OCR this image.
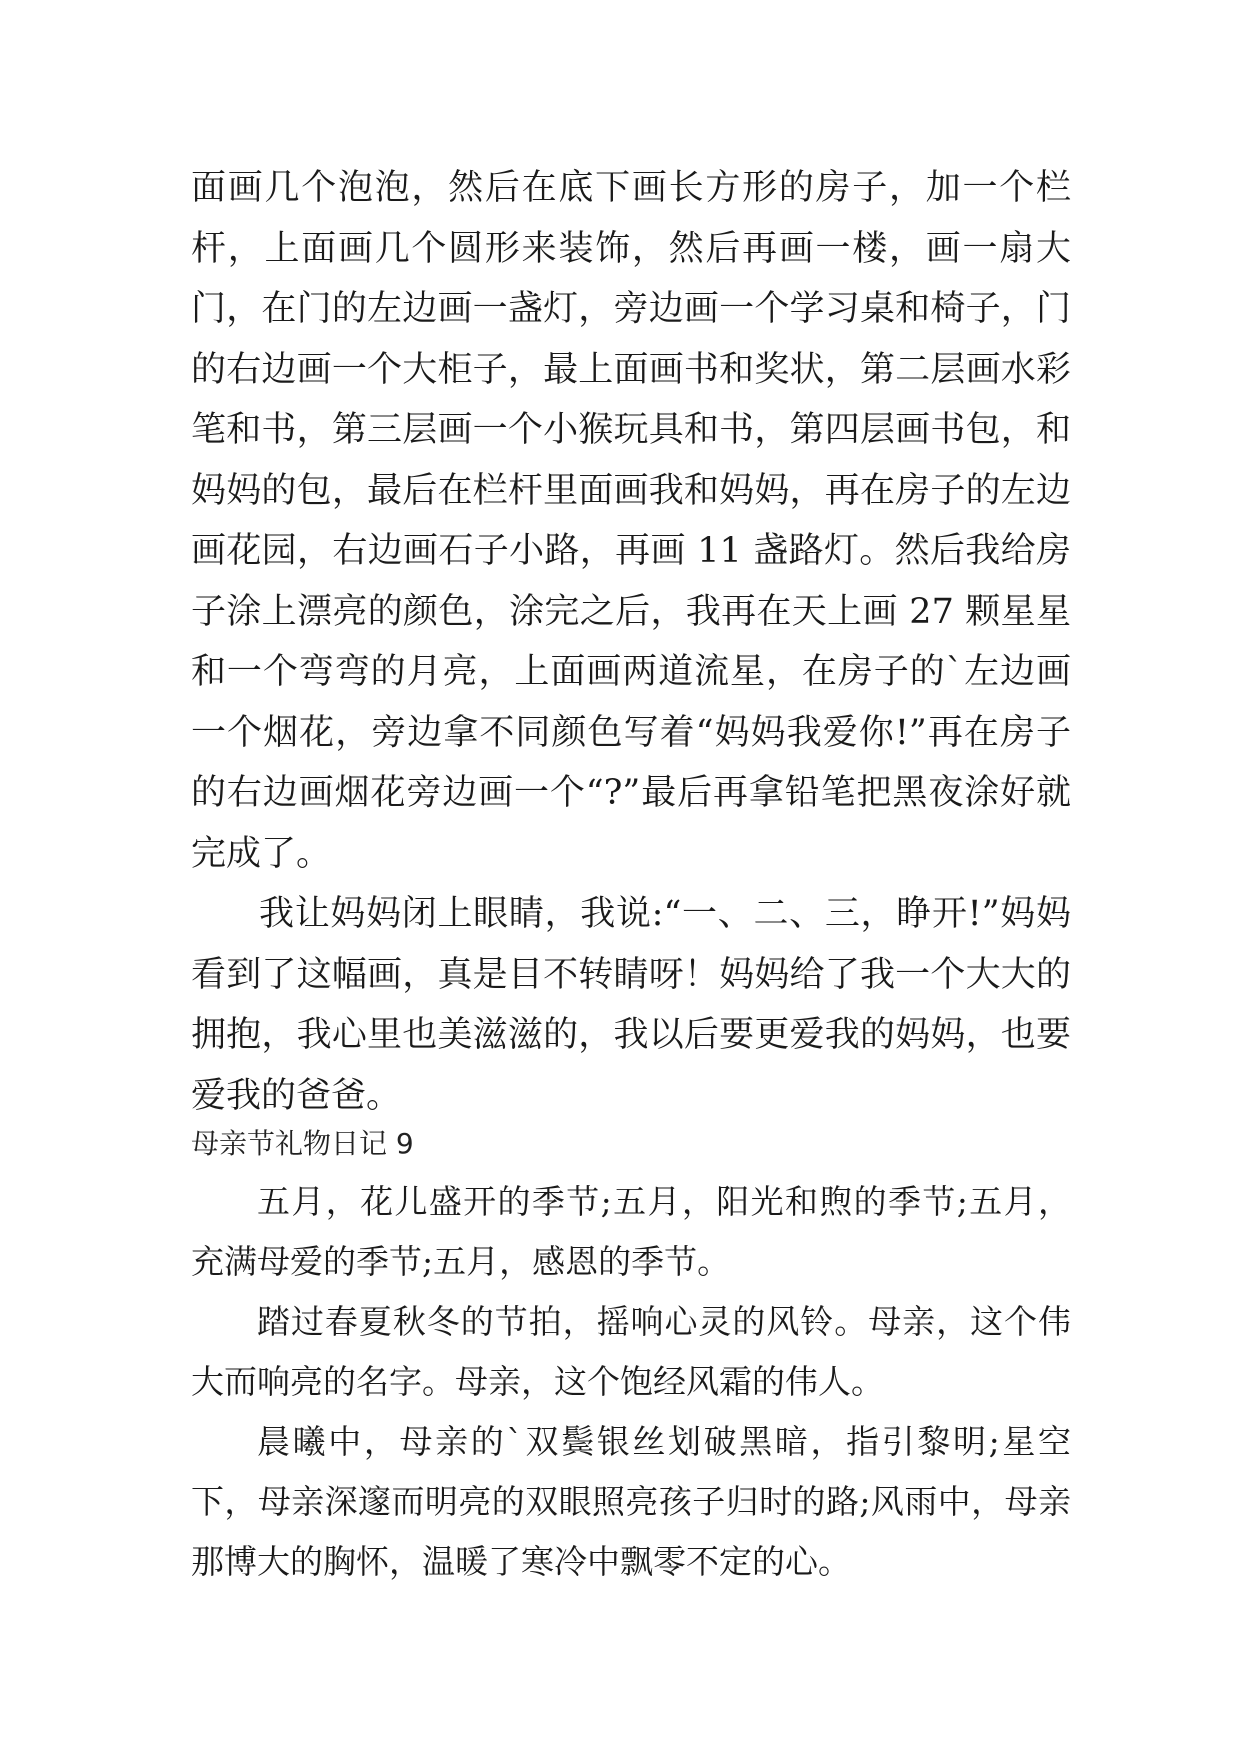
面画几个泡泡，然后在底下画长方形的房子，加一个栏杆，上面画几个圆形来装饰，然后再画一楼，画一扇大门，在门的左边画一盏灯，旁边画一个学习桌和椅子，门的右边画一个大柜子，最上面画书和奖状，第二层画水彩笔和书，第三层画一个小猴玩具和书，第四层画书包，和妈妈的包，最后在栏杆里面画我和妈妈，再在房子的左边画花园，右边画石子小路，再画 11 盏路灯。然后我给房子涂上漂亮的颜色，涂完之后，我再在天上画 27 颗星星和一个弯弯的月亮，上面画两道流星，在房子的`左边画一个烟花，旁边拿不同颜色写着“妈妈我爱你!”再在房子的右边画烟花旁边画一个“?”最后再拿铅笔把黑夜涂好就完成了。

我让妈妈闭上眼睛，我说:“一、二、三，睁开!”妈妈看到了这幅画，真是目不转睛呀！妈妈给了我一个大大的拥抱，我心里也美滋滋的，我以后要更爱我的妈妈，也要爱我的爸爸。

母亲节礼物日记 9

五月，花儿盛开的季节;五月，阳光和煦的季节;五月，充满母爱的季节;五月，感恩的季节。

踏过春夏秋冬的节拍，摇响心灵的风铃。母亲，这个伟大而响亮的名字。母亲，这个饱经风霜的伟人。

晨曦中，母亲的`双鬓银丝划破黑暗，指引黎明;星空下，母亲深邃而明亮的双眼照亮孩子归时的路;风雨中，母亲那博大的胸怀，温暖了寒冷中飘零不定的心。
